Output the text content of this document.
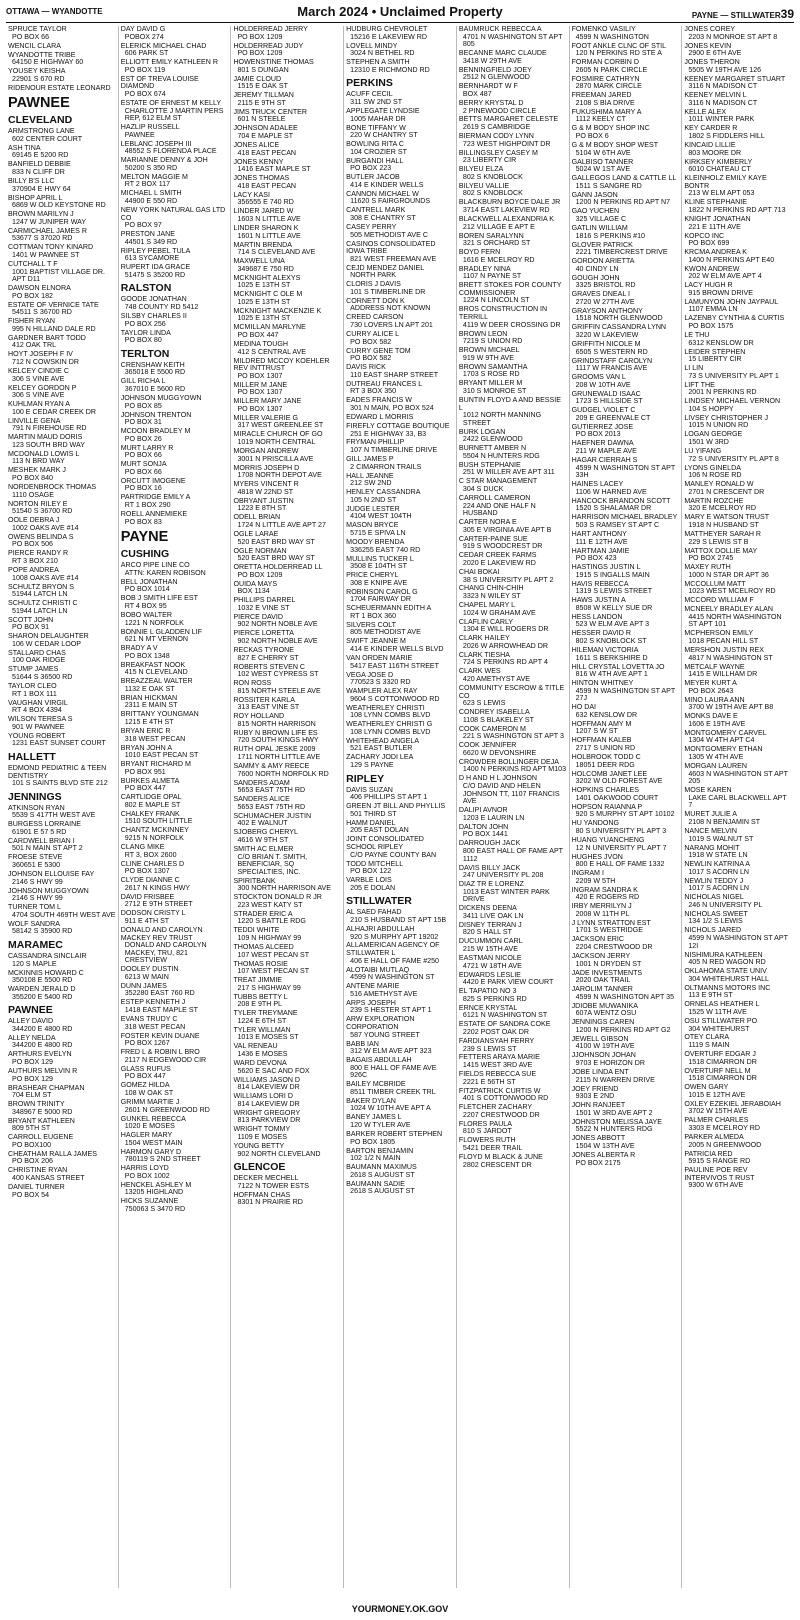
OTTAWA — WYANDOTTE	March 2024 • Unclaimed Property	PAYNE — STILLWATER39
SPRUCE TAYLOR
PO BOX 66
WENCIL CLARA
WYANDOTTE TRIBE
64150 E HIGHWAY 60
YOUSEY KEISHA
22901 S 670 RD
RIDENOUR ESTATE LEONARD
PAWNEE
CLEVELAND
ARMSTRONG LANE
602 CENTER COURT
ASH TINA
69145 E 5200 RD
BANFIELD DEBBIE
833 N CLIFF DR
BILLY B'S LLC
370904 E HWY 64
BISHOP APRIL L
6869 W OLD KEYSTONE RD
BROWN MARILYN J
1247 W JUNIPER WAY
CARMICHAEL JAMES R
53677 S 37020 RD
COTTMAN TONY KINARD
1401 W PAWNEE ST
CUTCHALL T F
1001 BAPTIST VILLAGE DR. APT D11
DAWSON ELNORA
PO BOX 182
ESTATE OF VERNICE TATE
54511 S 36700 RD
FISHER RYAN
995 N HILLAND DALE RD
GARDNER BART TODD
412 OAK TRL
HOYT JOSEPH F IV
712 N COWSKIN DR
KELCEY CINDIE C
306 S VINE AVE
KELCEY GORDON P
306 S VINE AVE
KUHLMAN RYAN A
100 E CEDAR CREEK DR
LINVILLE GENA
791 N FIREHOUSE RD
MARTIN MAUD DORIS
123 SOUTH BRD WAY
MCDONALD LOWIS L
113 N BRD WAY
MESHEK MARK J
PO BOX 840
NORDENBROCK THOMAS
1110 OSAGE
NORTON RILEY E
51540 S 36700 RD
OOLE DEBRA J
1002 OAKS AVE #14
OWENS BELINDA S
PO BOX 506
PIERCE RANDY R
RT 3 BOX 210
POPE ANDREA
1008 OAKS AVE #14
SCHULTZ BRYON S
51944 LATCH LN
SCHULTZ CHRISTI C
51944 LATCH LN
SCOTT JOHN
PO BOX 91
SHARON DELAUGHTER
106 W CEDAR LOOP
STALLARD CHAS
100 OAK RIDGE
STUMP JAMES
51644 S 36500 RD
TAYLOR CLEO
RT 1 BOX 111
VAUGHAN VIRGIL
RT 4 BOX 4394
WILSON TERESA S
901 W PAWNEE
YOUNG ROBERT
1231 EAST SUNSET COURT
HALLETT
EDMOND PEDIATRIC & TEEN DENTISTRY
101 S SAINTS BLVD STE 212
JENNINGS
ATKINSON RYAN
5539 S 417TH WEST AVE
BURGESS LORRAINE
61901 E 57 5 RD
CARDWELL BRIAN I
501 N MAIN ST APT 2
FROESE STEVE
360651 E 5300
JOHNSON ELLOUISE FAY
2146 S HWY 99
JOHNSON MUGGYOWN
2146 S HWY 99
TURNER TOM L
4704 SOUTH 469TH WEST AVE
WOLF SANDRA
58142 S 35900 RD
MARAMEC
CASSANDRA SINCLAIR
120 S MAPLE
MCKINNIS HOWARD C
350108 E 5500 RD
WARDEN JERALD D
355200 E 5400 RD
PAWNEE
ALLEY DAVID
344200 E 4800 RD
ALLEY NELDA
344200 E 4800 RD
ARTHURS EVELYN
PO BOX 129
AUTHURS MELVIN R
PO BOX 129
BRASHEAR CHAPMAN
704 ELM ST
BROWN TRINITY
348967 E 5000 RD
BRYANT KATHLEEN
809 5TH ST
CARROLL EUGENE
PO BOX100
CHEATHAM RALLA JAMES
PO BOX 206
CHRISTINE RYAN
400 KANSAS STREET
DANIEL TURNER
PO BOX 54
DAY DAVID G
POBOX 274
ELERICK MICHAEL CHAD
606 PARK ST
ELLIOTT EMILY KATHLEEN R
PO BOX 119
EST OF TREVA LOUISE DIAMOND
PO BOX 674
ESTATE OF ERNEST M KELLY
CHARLOTTE J MARTIN PERS REP, 612 ELM ST
HAZLIP RUSSELL
PAWNEE
LEBLANC JOSEPH III
48552 S FLORENDA PLACE
MARIANNE DENNY & JOH
50200 S 350 RD
MELTON MAGGIE M
RT 2 BOX 117
MICHAEL L SMITH
44900 E 550 RD
NEW YORK NATURAL GAS LTD CO
PO BOX 97
PRESTON JANE
44501 S 349 RD
RIPLEY PEBEL TULA
613 SYCAMORE
RUPERT IDA GRACE
51475 S 35200 RD
RALSTON
GOODE JONATHAN
748 COUNTY RD 5412
SILSBY CHARLES II
PO BOX 256
TAYLOR LINDA
PO BOX 80
TERLTON
CRENSHAW KEITH
365018 E 5500 RD
GILL RICHA L
367010 E 5600 RD
JOHNSON MUGGYOWN
PO BOX 85
JOHNSON TRENTON
PO BOX 31
MCDON BRADLEY M
PO BOX 26
MURT LARRY R
PO BOX 66
MURT SONJA
PO BOX 66
ORCUTT IMOGENE
PO BOX 16
PARTRIDGE EMILY A
RT 1 BOX 290
ROELL ANNEMIEKE
PO BOX 83
PAYNE
CUSHING
ARCO PIPE LINE CO
ATTN: KAREN ROBISON
BELL JONATHAN
PO BOX 1014
BOB J SMITH LIFE EST
RT 4 BOX 95
BOBO WALTER
1221 N NORFOLK
BONNIE L GLADDEN LIF
621 N MT VERNON
BRADY A V
PO BOX 1348
BREAKFAST NOOK
415 N CLEVELAND
BREAZZEAL WALTER
1132 E OAK ST
BRIAN HICKMAN
2311 E MAIN ST
BRITTANY YOUNGMAN
1215 E 4TH ST
BRYAN ERIC R
318 WEST PECAN
BRYAN JOHN A
1010 EAST PECAN ST
BRYANT RICHARD M
PO BOX 951
BURKES ALMETA
PO BOX 447
CARTLIDGE OPAL
802 E MAPLE ST
CHALKEY FRANK
1510 SOUTH LITTLE
CHANTZ MCKINNEY
9215 N NORFOLK
CLANG MIKE
RT 3, BOX 2600
CLINE CHARLES D
PO BOX 1307
CLYDE DIANNE C
2617 N KINGS HWY
DAVID FRISBEE
2712 E 9TH STREET
DODSON CRISTY L
911 E 4TH ST
DONALD AND CAROLYN MACKEY REV TRUST
DONALD AND CAROLYN MACKEY, TRU, 821 CRESTVIEW
DOOLEY DUSTIN
6213 W MAIN
DUNN JAMES
352280 EAST 760 RD
ESTEP KENNETH J
1418 EAST MAPLE ST
EVANS TRUDY C
318 WEST PECAN
FOSTER KEVIN DUANE
PO BOX 1267
FRED L & ROBIN L BRO
2117 N EDGEWOOD CIR
GLASS RUFUS
PO BOX 447
GOMEZ HILDA
108 W OAK ST
GRIMM MARTIE J
2601 N GREENWOOD RD
GUNKEL REBECCA
1020 E MOSES
HAGLER MARY
1504 WEST MAIN
HARMON GARY D
780119 S 2ND STREET
HARRIS LOYD
PO BOX 1002
HENCKEL ASHLEY M
13205 HIGHLAND
HICKS SUZANNE
750063 S 3470 RD
HOLDERREAD JERRY
PO BOX 1209
HOLDERREAD JUDY
PO BOX 1209
HOWENSTINE THOMAS
801 S DUNGAN
JAMIE CLOUD
1515 E OAK ST
JEREMY TILLMAN
2115 E 9TH ST
JIMS TRUCK CENTER
601 N STEELE
JOHNSON ADALEE
704 E MAPLE ST
JONES ALICE
418 EAST PECAN
JONES KENNY
1416 EAST MAPLE ST
JONES THOMAS
418 EAST PECAN
LACY KASI
356555 E 740 RD
LINDER JARED W
1603 N LITTLE AVE
LINDER SHARON K
1601 N LITTLE AVE
MARTIN BRENDA
714 S CLEVELAND AVE
MAXWELL UNA
349687 E 750 RD
MCKNIGHT ALEXYS
1025 E 13TH ST
MCKNIGHT C OLE M
1025 E 13TH ST
MCKNIGHT MACKENZIE K
1025 E 13TH ST
MCMILLAN MARLYNE
PO BOX 447
MEDINA TOUGH
412 S CENTRAL AVE
MILDRED MCCOY KOEHLER REV INTTRUST
PO BOX 1307
MILLER M JANE
PO BOX 1307
MILLER MARY JANE
PO BOX 1307
MILLER VALERIE G
317 WEST GREENLEE ST
MIRACLE CHURCH OF GO
1019 NORTH CENTRAL
MORGAN ANDREW
3001 N PRISCILLA AVE
MORRIS JOSEPH D
1708 NORTH DEPOT AVE
MYERS VINCENT R
4818 W 22ND ST
OBRYANT JUSTIN
1223 E 8TH ST
ODELL BRIAN
1724 N LITTLE AVE APT 27
OGLE LARAE
520 EAST BRD WAY ST
OGLE NORMAN
520 EAST BRD WAY ST
ORETTA HOLDERREAD LL
PO BOX 1209
OUIDA MAYS
BOX 1134
PHILLIPS DARREL
1032 E VINE ST
PIERCE DAVID
902 NORTH NOBLE AVE
PIERCE LORETTA
902 NORTH NOBLE AVE
RECKAS TYRONE
827 E CHERRY ST
ROBERTS STEVEN C
102 WEST CYPRESS ST
RON ROSS
815 NORTH STEELE AVE
ROSSITER KARLA
313 EAST VINE ST
ROY HOLLAND
815 NORTH HARRISON
RUBY N BROWN LIFE ES
720 SOUTH KINGS HWY
RUTH OPAL JESKE 2009
1711 NORTH LITTLE AVE
SAMMY & AMY REECE
7600 NORTH NORFOLK RD
SANDERS ADAM
5653 EAST 75TH RD
SANDERS ALICE
5653 EAST 75TH RD
SCHUMACHER JUSTIN
402 E WALNUT
SJOBERG CHERYL
4616 W 9TH ST
SMITH AC ELMER
C/O BRIAN T. SMITH, BENEFICIAR, SQ SPECIALTIES, INC.
SPIRITBANK
300 NORTH HARRISON AVE
STOCKTON DONALD R JR
223 WEST KATY ST
STRADER ERIC A
1220 S BATTLE RDG
TEDDI WHITE
109 N HIGHWAY 99
THOMAS ALCEED
107 WEST PECAN ST
THOMAS ROSIE
107 WEST PECAN ST
TREAT JIMMIE
217 S HIGHWAY 99
TUBBS BETTY L
208 E 9TH PL
TYLER TREYMANE
1224 E 6TH ST
TYLER WILLMAN
1013 E MOSES ST
VAL RENEAU
1436 E MOSES
WARD DEVONA
5620 E SAC AND FOX
WILLIAMS JASON D
814 LAKEVIEW DR
WILLIAMS LORI D
814 LAKEVIEW DR
WRIGHT GREGORY
813 PARKVIEW DR
WRIGHT TOMMY
1109 E MOSES
YOUNG BETTY
902 NORTH CLEVELAND
GLENCOE
DECKER MECHELL
7122 N TOWER ESTS
HOFFMAN CHAS
8301 N PRAIRIE RD
HUDBURG CHEVROLET
15216 E LAKEVIEW RD
LOVELL MINDY
3024 N BETHEL RD
STEPHEN A SMITH
12310 E RICHMOND RD
PERKINS
ACUFF CECIL
311 SW 2ND ST
APPLEGATE LYNDSIE
1005 MAHAR DR
BONE TIFFANY W
220 W CHANTRY ST
BOWLING RITA C
104 CROZIER ST
BURGANDI HALL
PO BOX 223
BUTLER JACOB
414 E KINDER WELLS
CANNON MICHAEL W
11620 S FAIRGROUNDS
CANTRELL MARK
308 E CHANTRY ST
CASEY PERRY
505 METHODIST AVE C
CASINOS CONSOLIDATED IOWA TRIBE
821 WEST FREEMAN AVE
CEJD MENDEZ DANIEL
NORTH PARK
CLORIS J DAVIS
101 S TIMBERLINE DR
CORNETT DON K
ADDRESS NOT KNOWN
CREED CARSON
730 LOVERS LN APT 201
CURRY ALICE L
PO BOX 582
CURRY GENE TOM
PO BOX 582
DAVIS RICK
110 EAST SHARP STREET
DUTREAU FRANCES L
RT 3 BOX 350
EADES FRANCIS W
301 N MAIN, PO BOX 524
EDWARD L MORRIS
FIREFLY COTTAGE BOUTIQUE
251 E HIGHWAY 33, B3
FRYMAN PHILLIP
107 N TIMBERLINE DRIVE
GILL JAMES P
2 CIMARRON TRAILS
HALL JEANNE
212 SW 2ND
HENLEY CASSANDRA
105 N 2ND ST
JUDGE LESTER
4104 WEST 104TH
MASON BRYCE
5715 E SPIVA LN
MOODY BRENDA
336255 EAST 740 RD
MULLINS TUCKER L
3508 E 104TH ST
PRICE CHERYL
308 E KNIPE AVE
ROBINSON CAROL G
1704 FAIRWAY DR
SCHEUERMANN EDITH A
RT 1 BOX 360
SILVERS COLT
805 METHODIST AVE
SWIFT JEANNE M
414 E KINDER WELLS BLVD
VAN ORDEN MARIE
5417 EAST 116TH STREET
VEGA JOSE D
770523 S 3320 RD
WAMPLER ALEX RAY
9604 S COTTONWOOD RD
WEATHERLEY CHRISTI
108 LYNN COMBS BLVD
WEATHERLEY CHRISTI G
108 LYNN COMBS BLVD
WHITEHEAD ANGELA
521 EAST BUTLER
ZACHARY JODI LEA
129 S PAYNE
RIPLEY
DAVIS SUZAN
406 PHILLIPS ST APT 1
GREEN JT BILL AND PHYLLIS
501 THIRD ST
HAMM DANIEL
205 EAST DOLAN
JOINT CONSOLIDATED SCHOOL RIPLEY
C/O PAYNE COUNTY BAN
TODD MITCHELL
PO BOX 122
VARBLE LOIS
205 E DOLAN
STILLWATER
AL SAED FAHAD
210 S HUSBAND ST APT 15B
ALHAJRI ABDULLAH
920 S MURPHY APT 19202
ALLAMERICAN AGENCY OF STILLWATER L
406 E HALL OF FAME #250
ALOTAIBI MUTLAQ
4599 N WASHINGTON ST
ANTENE MARIE
516 AMETHYST AVE
ARPS JOSEPH
239 S HESTER ST APT 1
ARW EXPLORATION CORPORATION
587 YOUNG STREET
BABB IAN
312 W ELM AVE APT 323
BAGAIS ABDULLAH
800 E HALL OF FAME AVE 926C
BAILEY MCBRIDE
8511 TIMBER CREEK TRL
BAKER DYLAN
1024 W 10TH AVE APT A
BANEY JAMES L
120 W TYLER AVE
BARKER ROBERT STEPHEN
PO BOX 1805
BARTON BENJAMIN
102 1/2 N MAIN
BAUMANN MAXIMUS
2618 S AUGUST ST
BAUMANN SADIE
2618 S AUGUST ST
BAUMRUCK REBECCA A
4701 N WASHINGTON ST APT 805
BECANNE MARC CLAUDE
3418 W 29TH AVE
BENNINGFIELD JOEY
2512 N GLENWOOD
BERNHARDT W F
BOX 487
BERRY KRYSTAL D
2 PINEWOOD CIRCLE
BETTS MARGARET CELESTE
2619 S CAMBRIDGE
BIERMAN CODY LYNN
723 WEST HIGHPOINT DR
BILLINGSLEY CASEY M
23 LIBERTY CIR
BILYEU ELZA
802 S KNOBLOCK
BILYEU VALLIE
802 S KNOBLOCK
BLACKBURN BOYCE DALE JR
3714 EAST LAKEVIEW RD
BLACKWELL ALEXANDRIA K
212 VILLAGE E APT E
BOREN SARALYNN
321 S ORCHARD ST
BOYD FERN
1616 E MCELROY RD
BRADLEY NINA
1107 N PAYNE ST
BRETT STOKES FOR COUNTY COMMISSIONER
1224 N LINCOLN ST
BROS CONSTRUCTION IN TERRILL
4119 W DEER CROSSING DR
BROWN LEON
7219 S UNION RD
BROWN MICHAEL
919 W 9TH AVE
BROWN SAMANTHA
1703 S ROSE RD
BRYANT MILLER M
310 S MONROE ST
BUNTIN FLOYD A AND BESSIE L
1012 NORTH MANNING STREET
BURK LOGAN
2422 GLENWOOD
BURNETT AMBER N
5504 N HUNTERS RDG
BUSH STEPHANIE
251 W MILLER AVE APT 311
C STAR MANAGEMENT
304 S DUCK
CARROLL CAMERON
224 AND ONE HALF N HUSBAND
CARTER NORA E
305 E VIRGINIA AVE APT B
CARTER-PAINE SUE
919 S WOODCREST DR
CEDAR CREEK FARMS
2020 E LAKEVIEW RD
CHAI BOKAI
38 S UNIVERSITY PL APT 2
CHANG CHIN-CHIH
3323 N WILEY ST
CHAPEL MARY L
1024 W GRAHAM AVE
CLAFLIN CARLY
1304 E WILL ROGERS DR
CLARK HAILEY
2026 W ARROWHEAD DR
CLARK TIESHA
724 S PERKINS RD APT 4
CLARK WES
420 AMETHYST AVE
COMMUNITY ESCROW & TITLE CO
623 S LEWIS
CONDREY ISABELLA
1108 S BLAKELEY ST
COOK CAMERON M
221 S WASHINGTON ST APT 3
COOK JENNIFER
6620 W DEVONSHIRE
CROWDER BOLLINGER DEJA
1400 N PERKINS RD APT M103
D H AND H L JOHNSON
C/O DAVID AND HELEN JOHNSON TT, 1107 FRANCIS AVE
DALIPI AVNOR
1203 E LAURIN LN
DALTON JOHN
PO BOX 1441
DARROUGH JACK
800 EAST HALL OF FAME APT 1112
DAVIS BILLY JACK
247 UNIVERSITY PL 208
DIAZ TR E LORENZ
1013 EAST WINTER PARK DRIVE
DICKENS DEENA
3411 LIVE OAK LN
DISNEY TERRAN J
820 S HALL ST
DUCUMMON CARL
215 W 15TH AVE
EASTMAN NICOLE
4721 W 18TH AVE
EDWARDS LESLIE
4420 E PARK VIEW COURT
EL TAPATIO NO 3
825 S PERKINS RD
ERNCE KRYSTAL
6121 N WASHINGTON ST
ESTATE OF SANDRA COKE
2202 POST OAK DR
FARDIANSYAH FERRY
239 S LEWIS ST
FETTERS ARAYA MARIE
1415 WEST 3RD AVE
FIELDS REBECCA SUE
2221 E 56TH ST
FITZPATRICK CURTIS W
401 S COTTONWOOD RD
FLETCHER ZACHARY
2207 CRESTWOOD DR
FLORES PAULA
810 S JARDOT
FLOWERS RUTH
5421 DEER TRAIL
FLOYD M BLACK & JUNE
2802 CRESCENT DR
FOMENKO VASILIY
4599 N WASHINGTON
FOOT ANKLE CLNC OF STIL
120 N PERKINS RD STE A
FORMAN CORBIN D
2605 N PARK CIRCLE
FOSMIRE CATHRYN
2870 MARK CIRCLE
FREEMAN JARED
2108 S BIA DRIVE
FUKUSHIMA MARY A
1112 KEELY CT
G & M BODY SHOP INC
PO BOX 6
G & M BODY SHOP WEST
5104 W 6TH AVE
GALBISO TANNER
5024 W 1ST AVE
GALLEGOS LAND & CATTLE LL
1511 S SANGRE RD
GANN JASON
1200 N PERKINS RD APT N7
GAO YUCHEN
325 VILLAGE C
GATLIN WILLIAM
1816 S PERKINS #10
GLOVER PATRICK
2221 TIMBERCREST DRIVE
GORDON ARIETTA
40 CINDY LN
GOUGH JOHN
3325 BRISTOL RD
GRAVES DNEAL I
2720 W 27TH AVE
GRAYSON ANTHONY
1518 NORTH GLENWOOD
GRIFFIN CASSANDRA LYNN
3220 W LAKEVIEW
GRIFFITH NICOLE M
6505 S WESTERN RD
GRINDSTAFF CAROLYN
1117 W FRANCIS AVE
GROOMS VAN L
208 W 10TH AVE
GRUNEWALD ISAAC
1723 S HILLSIDE ST
GUDGEL VIOLET C
209 E GREENVALE CT
GUTIERREZ JOSE
PO BOX 2013
HAEFNER DAWNA
211 W MAPLE AVE
HAGAR CIERRAH S
4599 N WASHINGTON ST APT 33H
HAINES LACEY
1106 W HARNED AVE
HANCOCK BRANDON SCOTT
1520 S SHALAMAR DR
HARRISON MICHAEL BRADLEY
503 S RAMSEY ST APT C
HART ANTHONY
111 E 12TH AVE
HARTMAN JAMIE
PO BOX 423
HASTINGS JUSTIN L
1915 S INGALLS MAIN
HAVIS REBECCA
1319 S LEWIS STREET
HAWS JUSTIN A
8508 W KELLY SUE DR
HESS LANDON
523 W ELM AVE APT 3
HESSER DAVID R
802 S KNOBLOCK ST
HILEMAN VICTORIA
1611 S BERKSHIRE D
HILL CRYSTAL LOVETTA JO
816 W 4TH AVE APT 1
HINTON WHITNEY
4599 N WASHINGTON ST APT 27J
HO DAI
632 KENSLOW DR
HOFFMAN AMY M
1207 S W ST
HOFFMAN KALEB
2717 S UNION RD
HOLBROOK TODD C
18051 DEER RDG
HOLCOMB JANET LEE
3202 W OLD FOREST AVE
HOPKINS CHARLES
1401 OAKWOOD COURT
HOPSON RAIANNA P
920 S MURPHY ST APT 10102
HU YANDONG
80 S UNIVERSITY PL APT 3
HUANG YUANCHENG
12 N UNIVERSITY PL APT 7
HUGHES JVON
800 E HALL OF FAME 1332
INGRAM I
2209 W 5TH
INGRAM SANDRA K
420 E ROGERS RD
IRBY MERRILYN J
2008 W 11TH PL
J LYNN STRATTON EST
1701 S WESTRIDGE
JACKSON ERIC
2204 CRESTWOOD DR
JACKSON JERRY
1001 N DRYDEN ST
JADE INVESTMENTS
2020 OAK TRAIL
JAROLIM TANNER
4599 N WASHINGTON APT 35
JDIOBE MUWANIKA
607A WENTZ OSU
JENNINGS CAREN
1200 N PERKINS RD APT G2
JEWELL GIBSON
4100 W 19TH AVE
JJOHNSON JOHAN
9703 E HORIZON DR
JOBE LINDA ENT
2115 N WARREN DRIVE
JOEY FRIEND
9303 E 2ND
JOHN RANJEET
1501 W 3RD AVE APT 2
JOHNSTON MELISSA JAYE
5522 N HUNTERS RDG
JONES ABBOTT
1504 W 13TH AVE
JONES ALBERTA R
PO BOX 2175
JONES COREY
2203 N MONROE ST APT 8
JONES KEVIN
2900 E 6TH AVE
JONES THERON
5505 W 19TH AVE 126
KEENEY MARGARET STUART
3116 N MADISON CT
KEENEY MELVIN L
3116 N MADISON CT
KELLE ALEX
1011 WINTER PARK
KEY CARDER R
1802 S FIDDLERS HILL
KINCAID LILLIE
803 MOORE DR
KIRKSEY KIMBERLY
6010 CHATEAU CT
KLEINHOLZ EMILY KAYE BONTR
213 W ELM APT 053
KLINE STEPHANIE
1822 N PERKINS RD APT 713
KNIGHT JONATHAN
221 E 11TH AVE
KOPCO INC
PO BOX 699
KRCMA ANDREA K
1400 N PERKINS APT E40
KWON ANDREW
202 W ELM AVE APT 4
LACY HUGH R
915 BROWN DRIVE
LAMUNYON JOHN JAYPAUL
1107 EMMA LN
LAZENBY CYNTHIA & CURTIS
PO BOX 1575
LE THU
6312 KENSLOW DR
LEIDER STEPHEN
15 LIBERTY CIR
LI LIN
73 S UNIVERSITY PL APT 1
LIFT THE
2001 N PERKINS RD
LINDSEY MICHAEL VERNON
104 S HOPPY
LIVSEY CHRISTOPHER J
1015 N UNION RD
LOGAN GEORGE
1501 W 3RD
LU YIFANG
72 S UNIVERSITY PL APT 8
LYONS GINELDA
106 N ROSE RD
MANLEY RONALD W
2701 N CRESCENT DR
MARTIN ROZCHE
320 E MCELROY RD
MARY E WATSON TRUST
1918 N HUSBAND ST
MATTHEYER SARAH R
229 S LEWIS ST B
MATTOX DOLLIE MAY
PO BOX 2745
MAXEY RUTH
1000 N STAR DR APT 36
MCCOLLUM MATT
1023 WEST MCELROY RD
MCCORD WILLIAM F
MCNEELY BRADLEY ALAN
4415 NORTH WASHINGTON ST APT 101
MCPHERSON EMILY
1018 PECAN HILL ST
MERSHON JUSTIN REX
4817 N WASHINGTON ST
METCALF WAYNE
1415 E WILLHAM DR
MEYER KURT A
PO BOX 2643
MINO LAURA ANN
3700 W 19TH AVE APT B8
MONKS DAVE E
1606 E 19TH AVE
MONTGOMERY CARVEL
1304 W 4TH APT C4
MONTGOMERY ETHAN
1305 W 4TH AVE
MORGAN LAUREN
4603 N WASHINGTON ST APT 205
MOSE KAREN
LAKE CARL BLACKWELL APT 7
MURET JULIE A
2108 N BENJAMIN ST
NANCE MELVIN
1019 S WALNUT ST
NARANG MOHIT
1918 W STATE LN
NEWLIN KATRINA A
1017 S ACORN LN
NEWLIN TEDDY J
1017 S ACORN LN
NICHOLAS NIGEL
246 N UNIVERSITY PL
NICHOLAS SWEET
134 1/2 S LEWIS
NICHOLS JARED
4599 N WASHINGTON ST APT 12I
NISHIMURA KATHLEEN
405 N RED WAGON RD
OKLAHOMA STATE UNIV
304 WHITEHURST HALL
OLTMANNS MOTORS INC
113 E 9TH ST
ORNELAS HEATHER L
1525 W 11TH AVE
OSU STILLWATER PO
304 WHITEHURST
OTEY CLARA
1119 S MAIN
OVERTURF EDGAR J
1518 CIMARRON DR
OVERTURF NELL M
1518 CIMARRON DR
OWEN GARY
1015 E 12TH AVE
OXLEY EZEKIEL JERABOIAH
3702 W 15TH AVE
PALMER CHARLES
3303 E MCELROY RD
PARKER ALMEDA
2005 N GREENWOOD
PATRICIA RED
5915 S RANGE RD
PAULINE POE REV INTERVIVOS T RUST
9300 W 6TH AVE
YOURMONEY.OK.GOV
